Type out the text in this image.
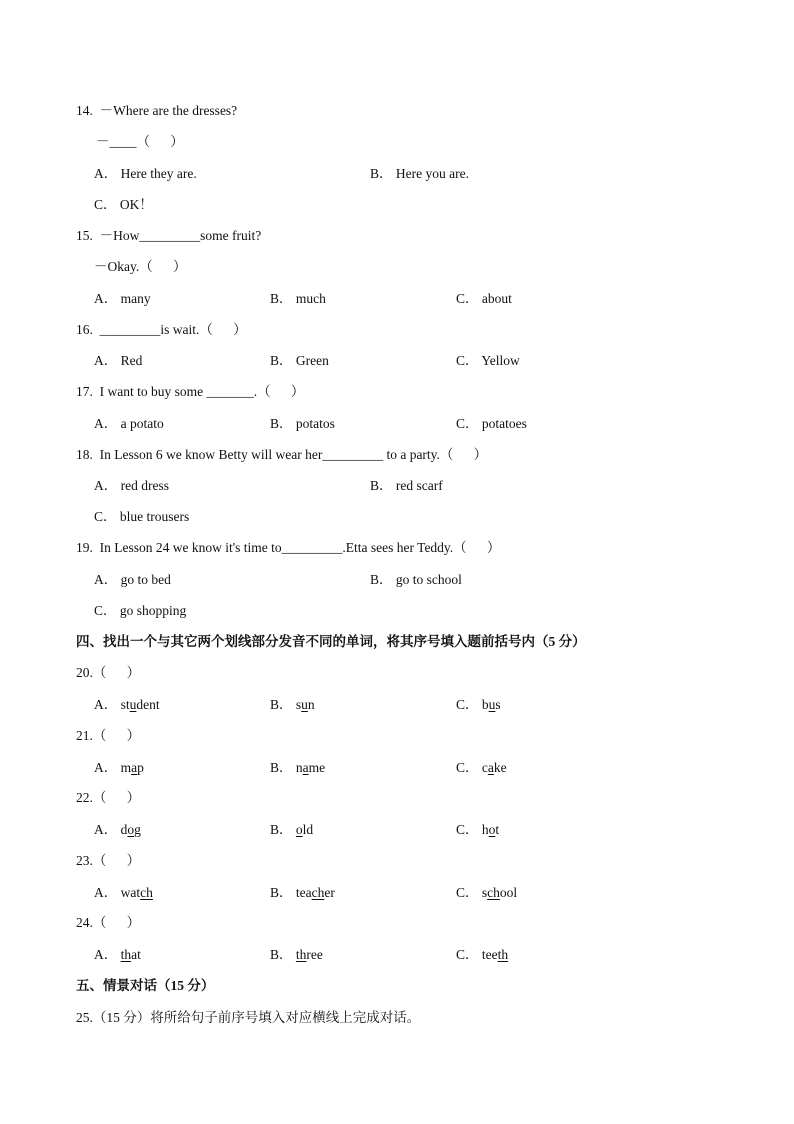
14.  －Where are the dresses?

－____（      ）

A． Here they are.

	B． Here you are.

C． OK！

15.  －How_________some fruit?

－Okay.（      ）

A． many

	B． much

	C． about

16.  _________is wait.（      ）

A． Red

	B． Green

	C． Yellow

17.  I want to buy some _______.（      ）

A． a potato

	B． potatos

	C． potatoes

18.  In Lesson 6 we know Betty will wear her_________ to a party.（      ）

A． red dress

	B． red scarf

C． blue trousers

19.  In Lesson 24 we know it's time to_________.Etta sees her Teddy.（      ）

A． go to bed

	B． go to school

C． go shopping

四、找出一个与其它两个划线部分发音不同的单词，将其序号填入题前括号内（5 分）

20.（      ）
A． student	B． sun	C． bus
21.（      ）
A． map	B． name	C． cake
22.（      ）
A． dog	B． old	C． hot
23.（      ）
A． watch	B． teacher	C． school
24.（      ）
A． that	B． three	C． teeth

五、情景对话（15 分）

25.（15 分）将所给句子前序号填入对应横线上完成对话。
